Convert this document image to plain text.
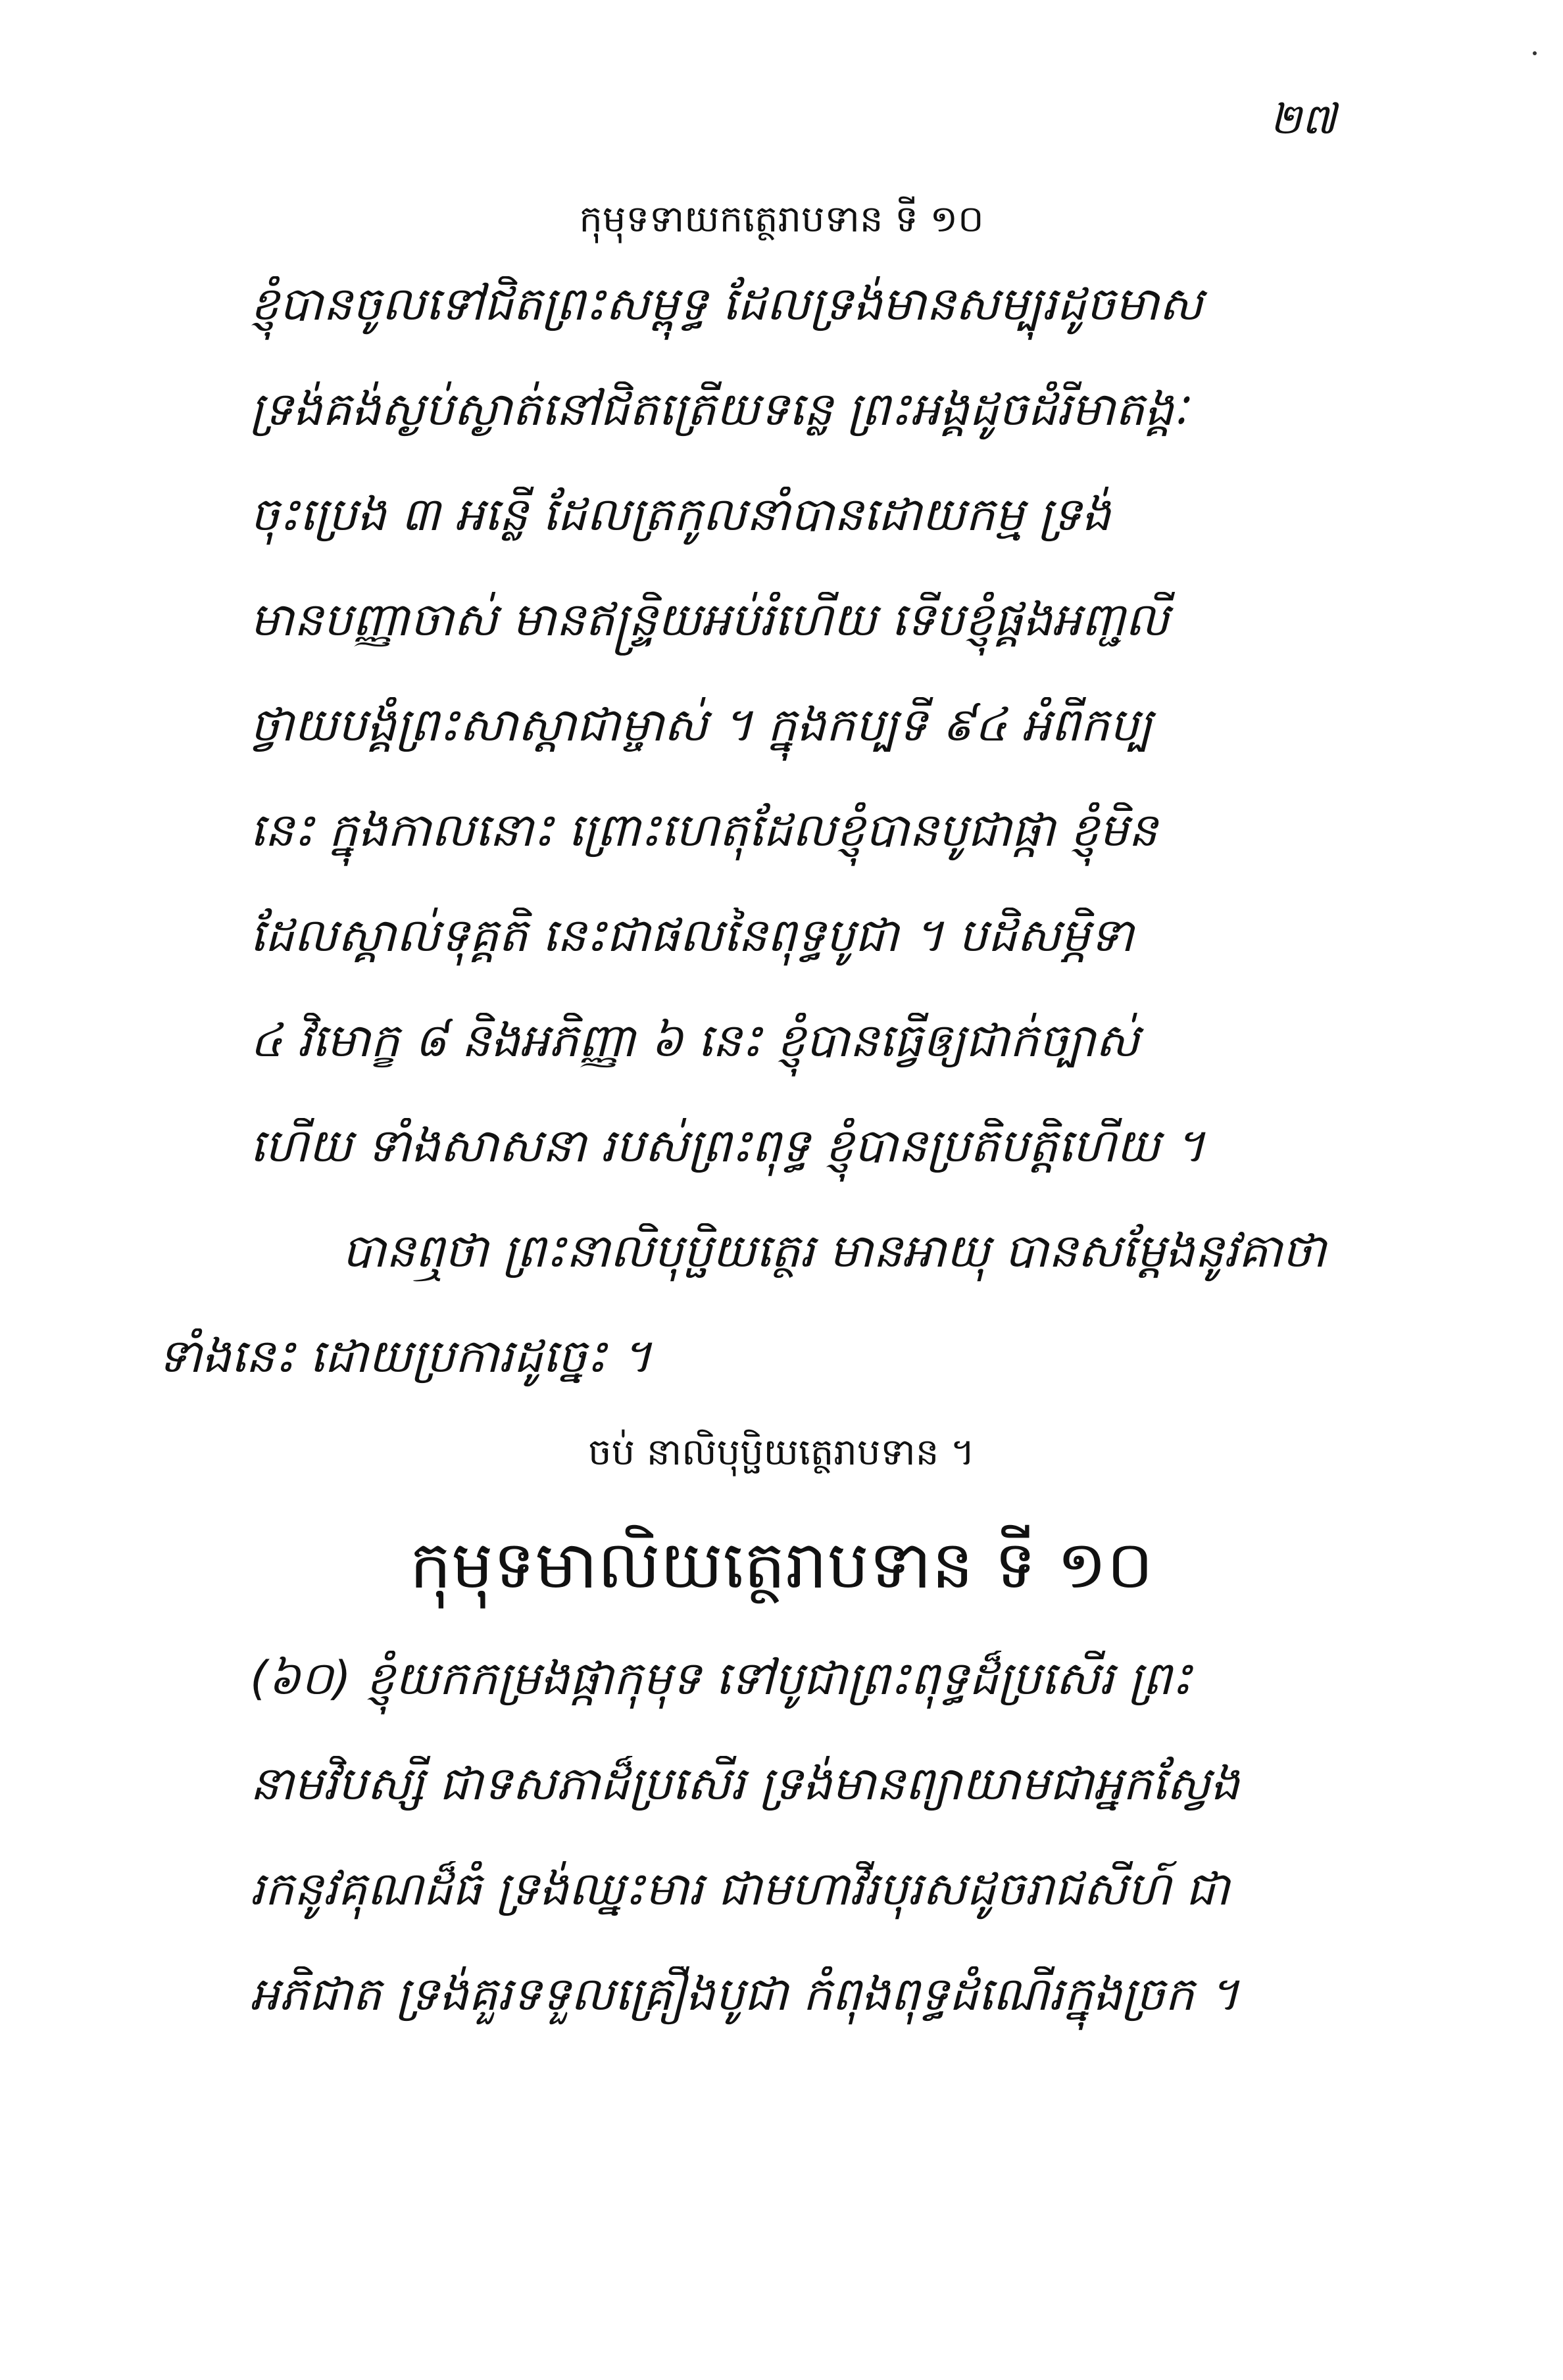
២៧
កុមុទទាយកត្ថេរាបទាន ទី ១០
ខ្ញុំបានចូលទៅជិតព្រះសម្ពុទ្ធ ដែលទ្រង់មានសម្បុរដូចមាស
ទ្រង់គង់ស្ងប់ស្ងាត់នៅជិតត្រើយទន្លេ ព្រះអង្គដូចដំរីមាតង្គៈ
ចុះប្រេង ៣ អន្លើ ដែលត្រកូលនាំបានដោយកម្ម ទ្រង់
មានបញ្ញាចាស់ មានឥន្ទ្រិយអប់រំហើយ ទើបខ្ញុំផ្គងអញ្ជលី
ថ្វាយបង្គំព្រះសាស្ដាជាម្ចាស់ ។ ក្នុងកប្បទី ៩៤ អំពីកប្ប
នេះ ក្នុងកាលនោះ ព្រោះហេតុដែលខ្ញុំបានបូជាផ្កា ខ្ញុំមិន
ដែលស្គាល់ទុគ្គតិ នេះជាផលនៃពុទ្ធបូជា ។ បដិសម្ភិទា
៤ វិមោក្ខ ៨ និងអភិញ្ញា ៦ នេះ ខ្ញុំបានធ្វើឲ្យជាក់ច្បាស់
ហើយ ទាំងសាសនា របស់ព្រះពុទ្ធ ខ្ញុំបានប្រតិបត្តិហើយ ។
បានឮថា ព្រះនាលិបុប្ផិយត្ថេរ មានអាយុ បានសម្ដែងនូវគាថា
ទាំងនេះ ដោយប្រការដូច្នេះ ។
ចប់ នាលិបុប្ផិយត្ថេរាបទាន ។
កុមុទមាលិយត្ថេរាបទាន ទី ១០
(៦០) ខ្ញុំយកកម្រងផ្កាកុមុទ ទៅបូជាព្រះពុទ្ធដ៏ប្រសើរ ព្រះ
នាមវិបស្សី ជាទសភាដ៏ប្រសើរ ទ្រង់មានព្យាយាមជាអ្នកស្វែង
រកនូវគុណដ៏ធំ ទ្រង់ឈ្នះមារ ជាមហាវីរបុរសដូចរាជសីហ៍ ជា
អភិជាត ទ្រង់គួរទទួលគ្រឿងបូជា កំពុងពុទ្ធដំណើរក្នុងច្រក ។
